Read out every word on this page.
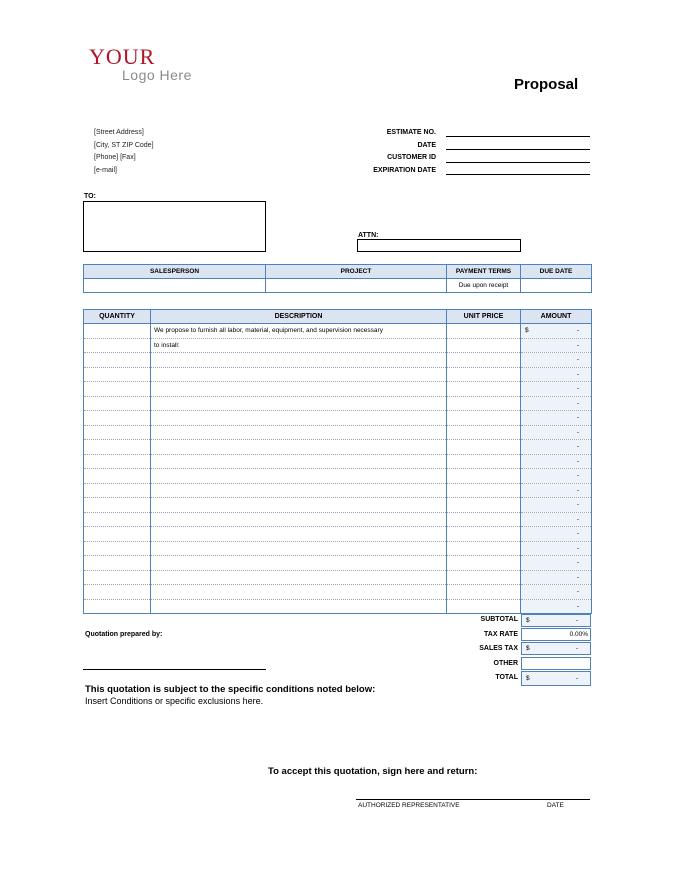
YOUR
Logo Here
Proposal
[Street Address]
[City, ST ZIP Code]
[Phone] [Fax]
[e-mail]
ESTIMATE NO.
DATE
CUSTOMER ID
EXPIRATION DATE
TO:
ATTN:
SALESPERSON	PROJECT	PAYMENT TERMS	DUE DATE
		Due upon receipt	
QUANTITY	DESCRIPTION	UNIT PRICE	AMOUNT
	We propose to furnish all labor, material, equipment, and supervision necessary		$ -

	to install:		-

			-

			-

			-

			-

			-

			-

			-

			-

			-

			-

			-

			-

			-

			-

			-

			-

			-

			-
SUBTOTAL $	-
TAX RATE	0.00%
SALES TAX $	-
OTHER
TOTAL $	-
Quotation prepared by:
This quotation is subject to the specific conditions noted below:
Insert Conditions or specific exclusions here.
To accept this quotation, sign here and return:
AUTHORIZED REPRESENTATIVE	DATE
